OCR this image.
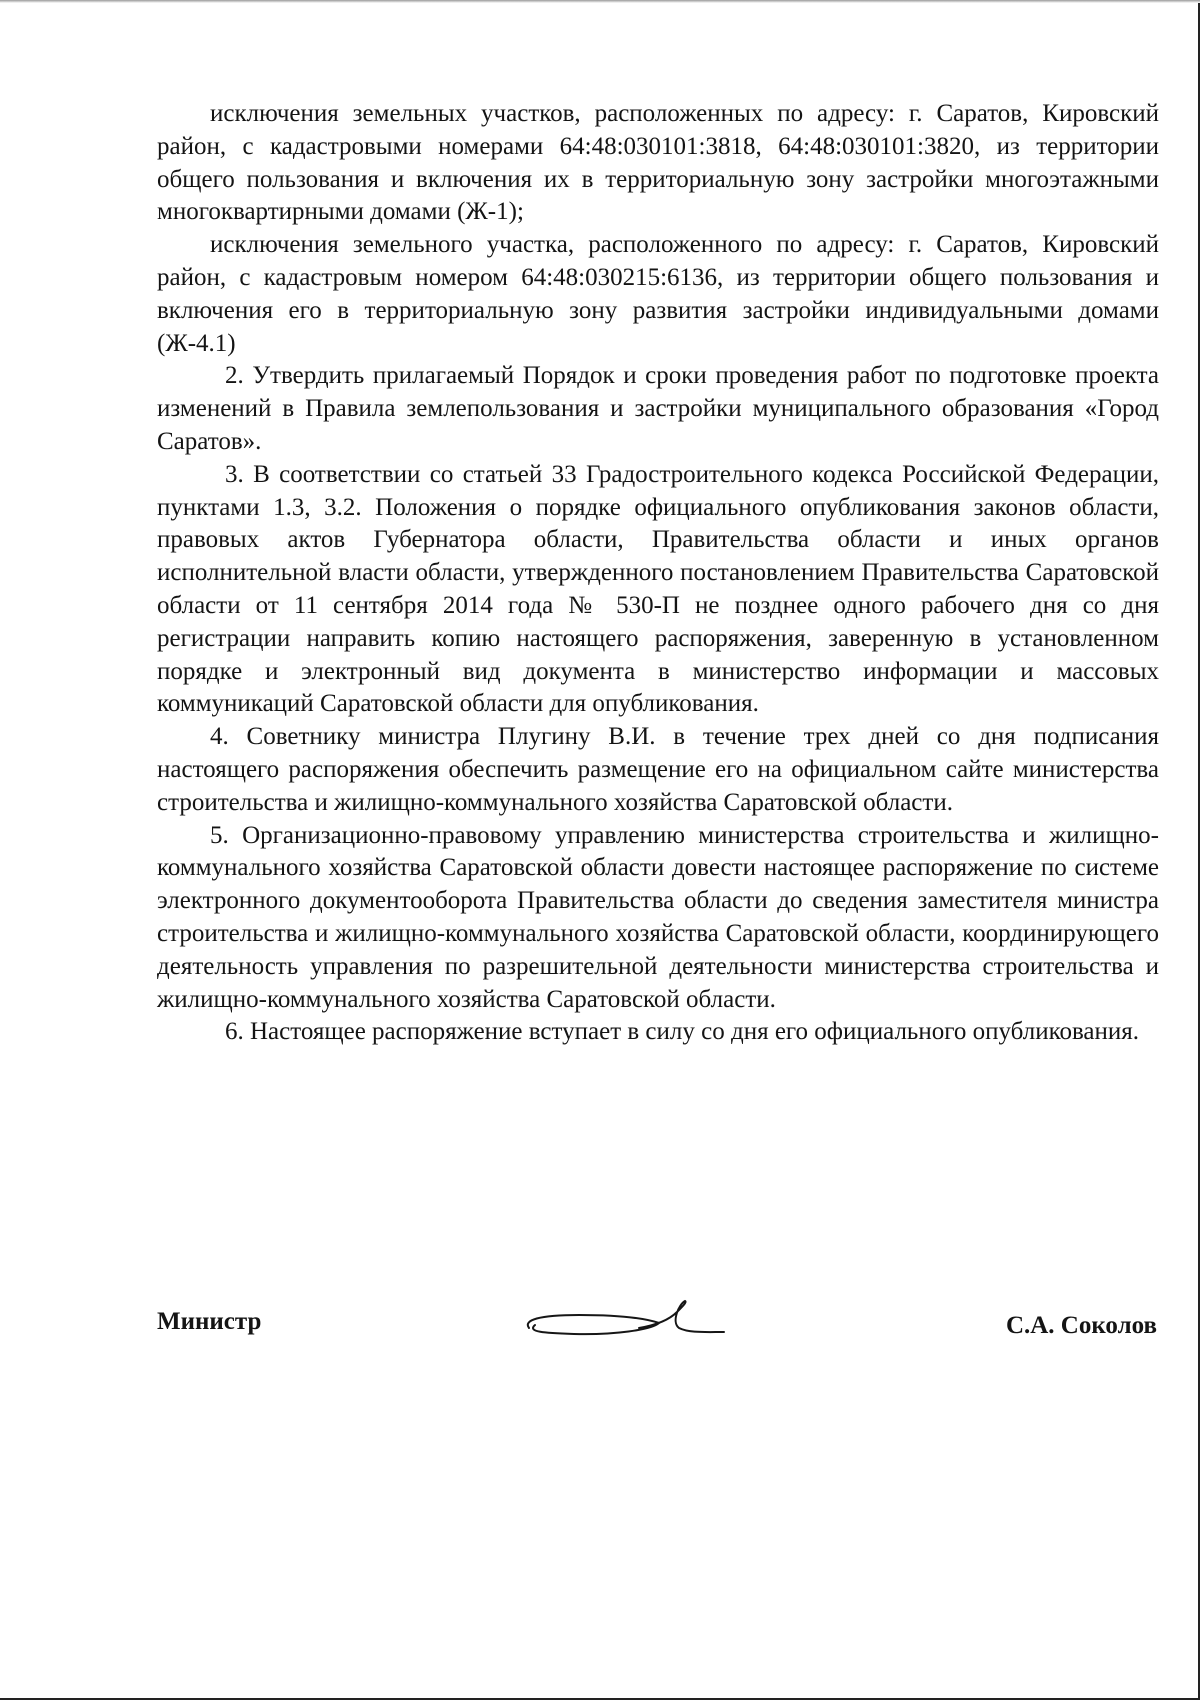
исключения земельных участков, расположенных по адресу: г. Саратов, Кировский район, с кадастровыми номерами 64:48:030101:3818, 64:48:030101:3820, из территории общего пользования и включения их в территориальную зону застройки многоэтажными многоквартирными домами (Ж-1);

исключения земельного участка, расположенного по адресу: г. Саратов, Кировский район, с кадастровым номером 64:48:030215:6136, из территории общего пользования и включения его в территориальную зону развития застройки индивидуальными домами (Ж-4.1)

2. Утвердить прилагаемый Порядок и сроки проведения работ по подготовке проекта изменений в Правила землепользования и застройки муниципального образования «Город Саратов».

3. В соответствии со статьей 33 Градостроительного кодекса Российской Федерации, пунктами 1.3, 3.2. Положения о порядке официального опубликования законов области, правовых актов Губернатора области, Правительства области и иных органов исполнительной власти области, утвержденного постановлением Правительства Саратовской области от 11 сентября 2014 года № 530-П не позднее одного рабочего дня со дня регистрации направить копию настоящего распоряжения, заверенную в установленном порядке и электронный вид документа в министерство информации и массовых коммуникаций Саратовской области для опубликования.

4. Советнику министра Плугину В.И. в течение трех дней со дня подписания настоящего распоряжения обеспечить размещение его на официальном сайте министерства строительства и жилищно-коммунального хозяйства Саратовской области.

5. Организационно-правовому управлению министерства строительства и жилищно-коммунального хозяйства Саратовской области довести настоящее распоряжение по системе электронного документооборота Правительства области до сведения заместителя министра строительства и жилищно-коммунального хозяйства Саратовской области, координирующего деятельность управления по разрешительной деятельности министерства строительства и жилищно-коммунального хозяйства Саратовской области.

6. Настоящее распоряжение вступает в силу со дня его официального опубликования.

Министр	С.А. Соколов
